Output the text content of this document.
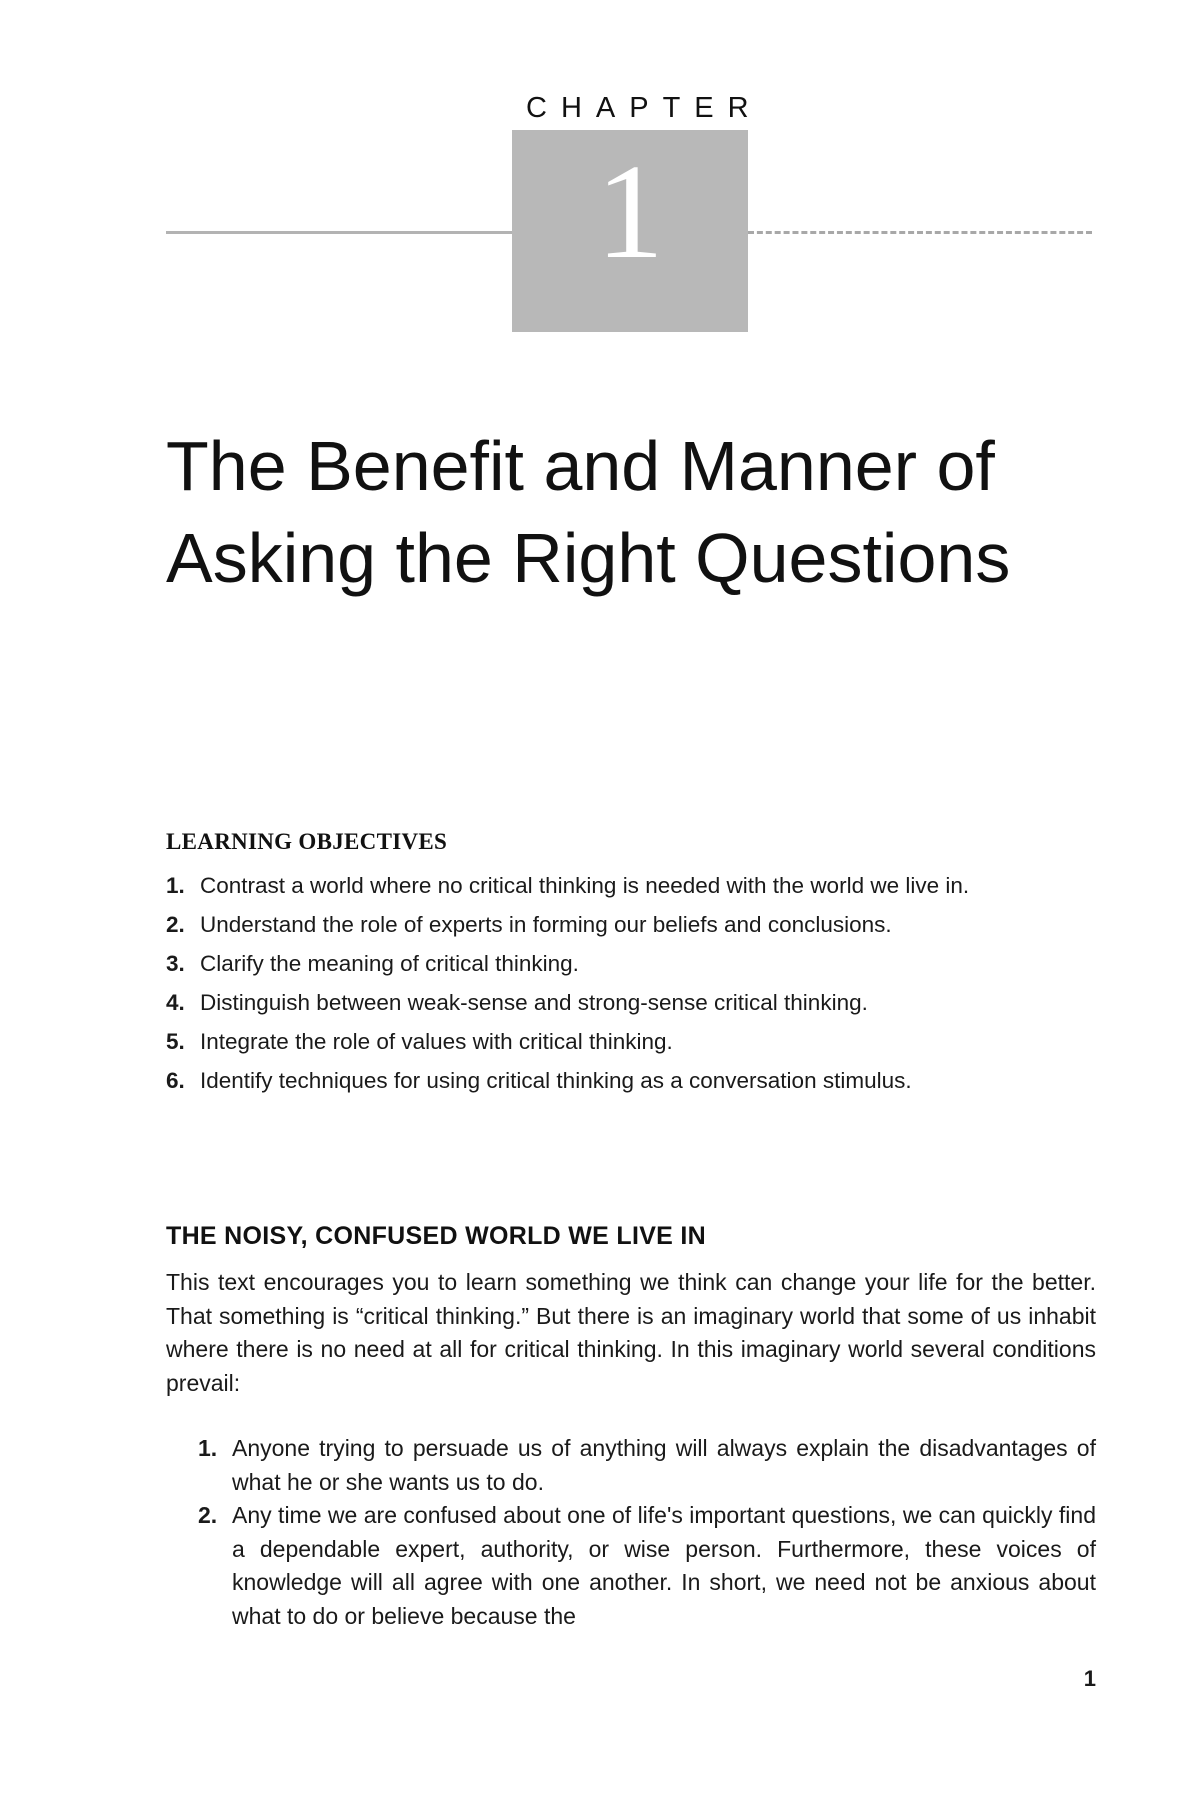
CHAPTER
1
The Benefit and Manner of
Asking the Right Questions
LEARNING OBJECTIVES
1. Contrast a world where no critical thinking is needed with the world we live in.
2. Understand the role of experts in forming our beliefs and conclusions.
3. Clarify the meaning of critical thinking.
4. Distinguish between weak-sense and strong-sense critical thinking.
5. Integrate the role of values with critical thinking.
6. Identify techniques for using critical thinking as a conversation stimulus.
THE NOISY, CONFUSED WORLD WE LIVE IN

This text encourages you to learn something we think can change your life for the better. That something is “critical thinking.” But there is an imaginary world that some of us inhabit where there is no need at all for critical thinking. In this imaginary world several conditions prevail:

1. Anyone trying to persuade us of anything will always explain the disadvantages of what he or she wants us to do.
2. Any time we are confused about one of life's important questions, we can quickly find a dependable expert, authority, or wise person. Furthermore, these voices of knowledge will all agree with one another. In short, we need not be anxious about what to do or believe because the
1
